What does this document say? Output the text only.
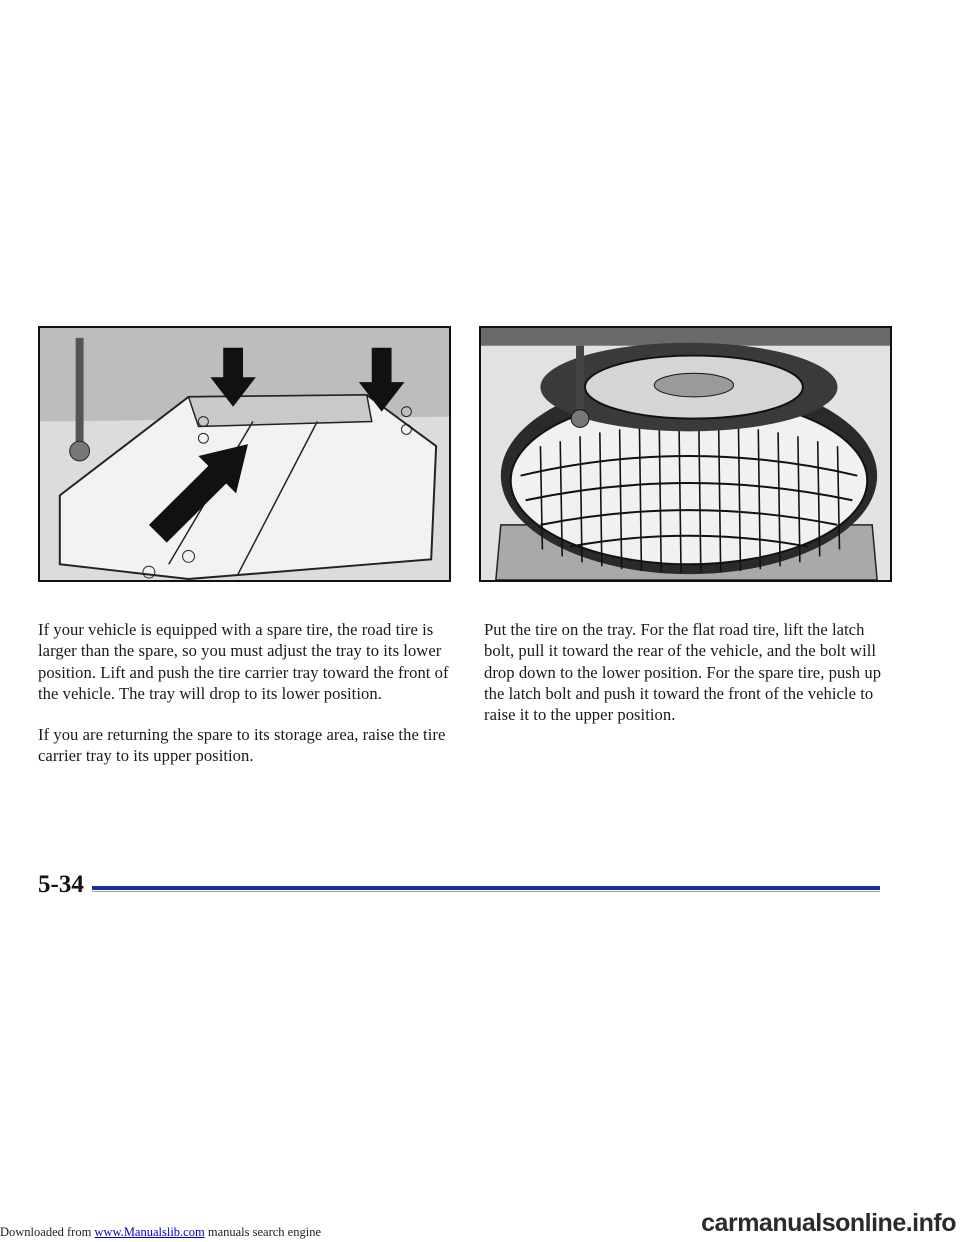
If your vehicle is equipped with a spare tire, the road tire is larger than the spare, so you must adjust the tray to its lower position. Lift and push the tire carrier tray toward the front of the vehicle. The tray will drop to its lower position.

If you are returning the spare to its storage area, raise the tire carrier tray to its upper position.

Put the tire on the tray. For the flat road tire, lift the latch bolt, pull it toward the rear of the vehicle, and the bolt will drop down to the lower position. For the spare tire, push up the latch bolt and push it toward the front of the vehicle to raise it to the upper position.

5-34
Downloaded from www.Manualslib.com manuals search engine	carmanualsonline.info
